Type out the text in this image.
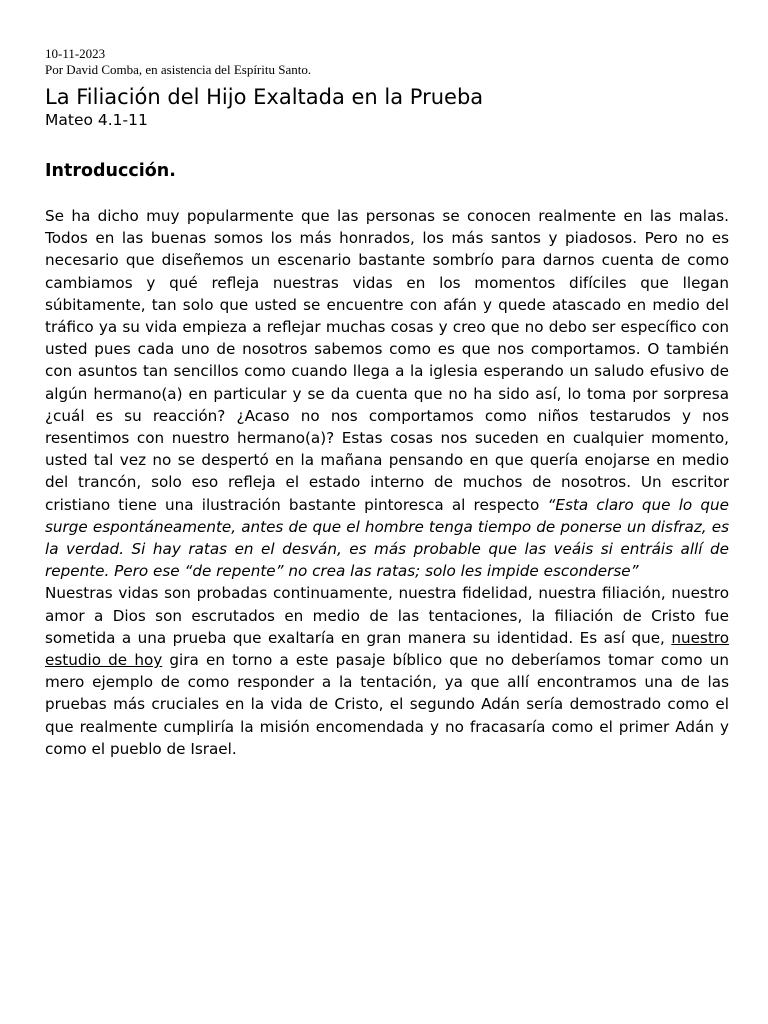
10-11-2023

Por David Comba, en asistencia del Espíritu Santo.

La Filiación del Hijo Exaltada en la Prueba

Mateo 4.1-11

Introducción.

Se ha dicho muy popularmente que las personas se conocen realmente en las malas. Todos en las buenas somos los más honrados, los más santos y piadosos. Pero no es necesario que diseñemos un escenario bastante sombrío para darnos cuenta de como cambiamos y qué refleja nuestras vidas en los momentos difíciles que llegan súbitamente, tan solo que usted se encuentre con afán y quede atascado en medio del tráfico ya su vida empieza a reflejar muchas cosas y creo que no debo ser específico con usted pues cada uno de nosotros sabemos como es que nos comportamos. O también con asuntos tan sencillos como cuando llega a la iglesia esperando un saludo efusivo de algún hermano(a) en particular y se da cuenta que no ha sido así, lo toma por sorpresa ¿cuál es su reacción? ¿Acaso no nos comportamos como niños testarudos y nos resentimos con nuestro hermano(a)? Estas cosas nos suceden en cualquier momento, usted tal vez no se despertó en la mañana pensando en que quería enojarse en medio del trancón, solo eso refleja el estado interno de muchos de nosotros. Un escritor cristiano tiene una ilustración bastante pintoresca al respecto “Esta claro que lo que surge espontáneamente, antes de que el hombre tenga tiempo de ponerse un disfraz, es la verdad. Si hay ratas en el desván, es más probable que las veáis si entráis allí de repente. Pero ese “de repente” no crea las ratas; solo les impide esconderse”

Nuestras vidas son probadas continuamente, nuestra fidelidad, nuestra filiación, nuestro amor a Dios son escrutados en medio de las tentaciones, la filiación de Cristo fue sometida a una prueba que exaltaría en gran manera su identidad. Es así que, nuestro estudio de hoy gira en torno a este pasaje bíblico que no deberíamos tomar como un mero ejemplo de como responder a la tentación, ya que allí encontramos una de las pruebas más cruciales en la vida de Cristo, el segundo Adán sería demostrado como el que realmente cumpliría la misión encomendada y no fracasaría como el primer Adán y como el pueblo de Israel.
